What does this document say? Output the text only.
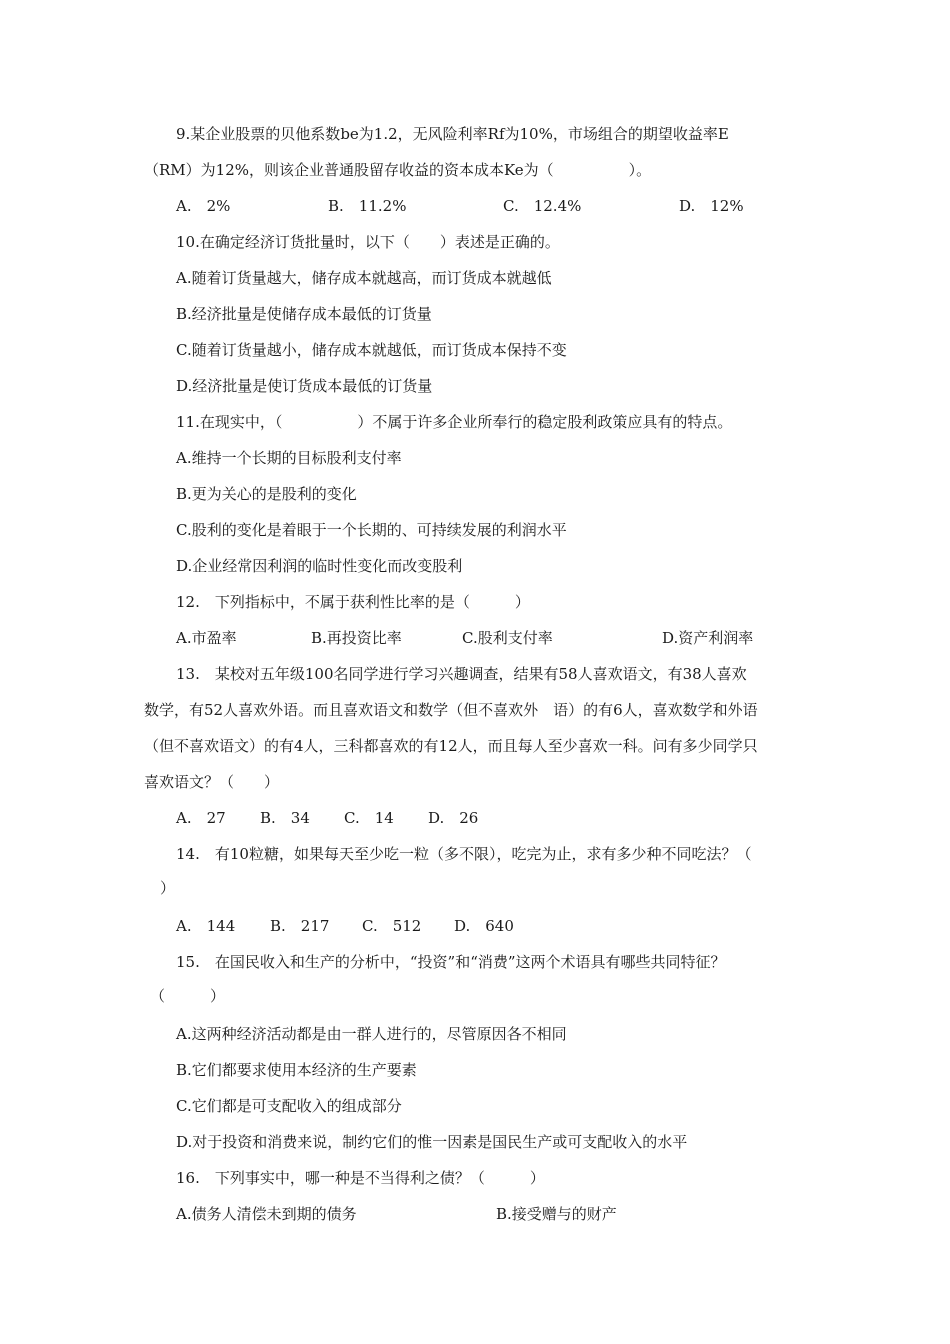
9.某企业股票的贝他系数be为1.2，无风险利率Rf为10%，市场组合的期望收益率E
（RM）为12%，则该企业普通股留存收益的资本成本Ke为（　　　　　）。
A.　2%	B.　11.2%	C.　12.4%	D.　12%
10.在确定经济订货批量时，以下（　　）表述是正确的。
A.随着订货量越大，储存成本就越高，而订货成本就越低
B.经济批量是使储存成本最低的订货量
C.随着订货量越小，储存成本就越低，而订货成本保持不变
D.经济批量是使订货成本最低的订货量
11.在现实中，（　　　　　）不属于许多企业所奉行的稳定股利政策应具有的特点。
A.维持一个长期的目标股利支付率
B.更为关心的是股利的变化
C.股利的变化是着眼于一个长期的、可持续发展的利润水平
D.企业经常因利润的临时性变化而改变股利
12.　下列指标中，不属于获利性比率的是（　　　）
A.市盈率	B.再投资比率	C.股利支付率	D.资产利润率
13.　某校对五年级100名同学进行学习兴趣调查，结果有58人喜欢语文，有38人喜欢
数学，有52人喜欢外语。而且喜欢语文和数学（但不喜欢外　语）的有6人，喜欢数学和外语
（但不喜欢语文）的有4人，三科都喜欢的有12人，而且每人至少喜欢一科。问有多少同学只
喜欢语文？（　　）
A.　27 B.　34 C.　14 D.　26
14.　有10粒糖，如果每天至少吃一粒（多不限），吃完为止，求有多少种不同吃法？（
）
A.　144 B.　217 C.　512 D.　640
15.　在国民收入和生产的分析中，“投资”和“消费”这两个术语具有哪些共同特征？
（　　　）
A.这两种经济活动都是由一群人进行的，尽管原因各不相同
B.它们都要求使用本经济的生产要素
C.它们都是可支配收入的组成部分
D.对于投资和消费来说，制约它们的惟一因素是国民生产或可支配收入的水平
16.　下列事实中，哪一种是不当得利之债？（　　　）
A.债务人清偿未到期的债务	B.接受赠与的财产
